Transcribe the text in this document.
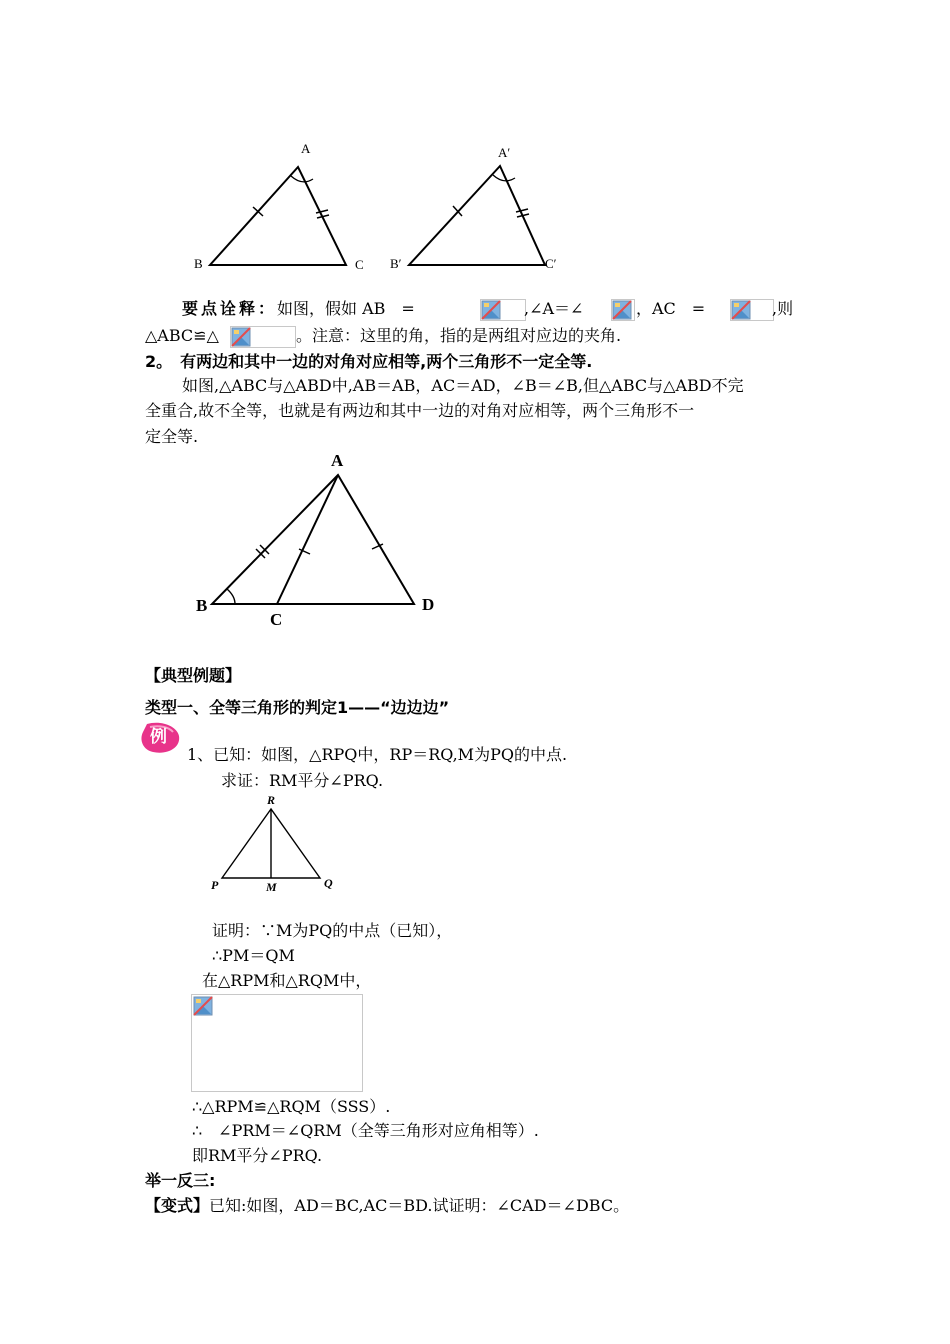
A
B	C
A′
B′	C′
要点诠释：如图，假如 AB　=	,∠A＝∠	，AC　=	,则
△ABC≌△	。注意：这里的角，指的是两组对应边的夹角.
2。　有两边和其中一边的对角对应相等,两个三角形不一定全等.
如图,△ABC与△ABD中,AB＝AB，AC＝AD，∠B＝∠B,但△ABC与△ABD不完
全重合,故不全等，也就是有两边和其中一边的对角对应相等，两个三角形不一
定全等.
A
B
C
D
【典型例题】
类型一、全等三角形的判定1——“边边边”
例
1、已知：如图，△RPQ中，RP＝RQ,M为PQ的中点.
求证：RM平分∠PRQ.
R
P	M	Q
证明：∵M为PQ的中点（已知），
∴PM＝QM
在△RPM和△RQM中，
∴△RPM≌△RQM（SSS）.
∴　∠PRM＝∠QRM（全等三角形对应角相等）.
即RM平分∠PRQ.
举一反三:
【变式】已知:如图，AD＝BC,AC＝BD.试证明：∠CAD＝∠DBC。
